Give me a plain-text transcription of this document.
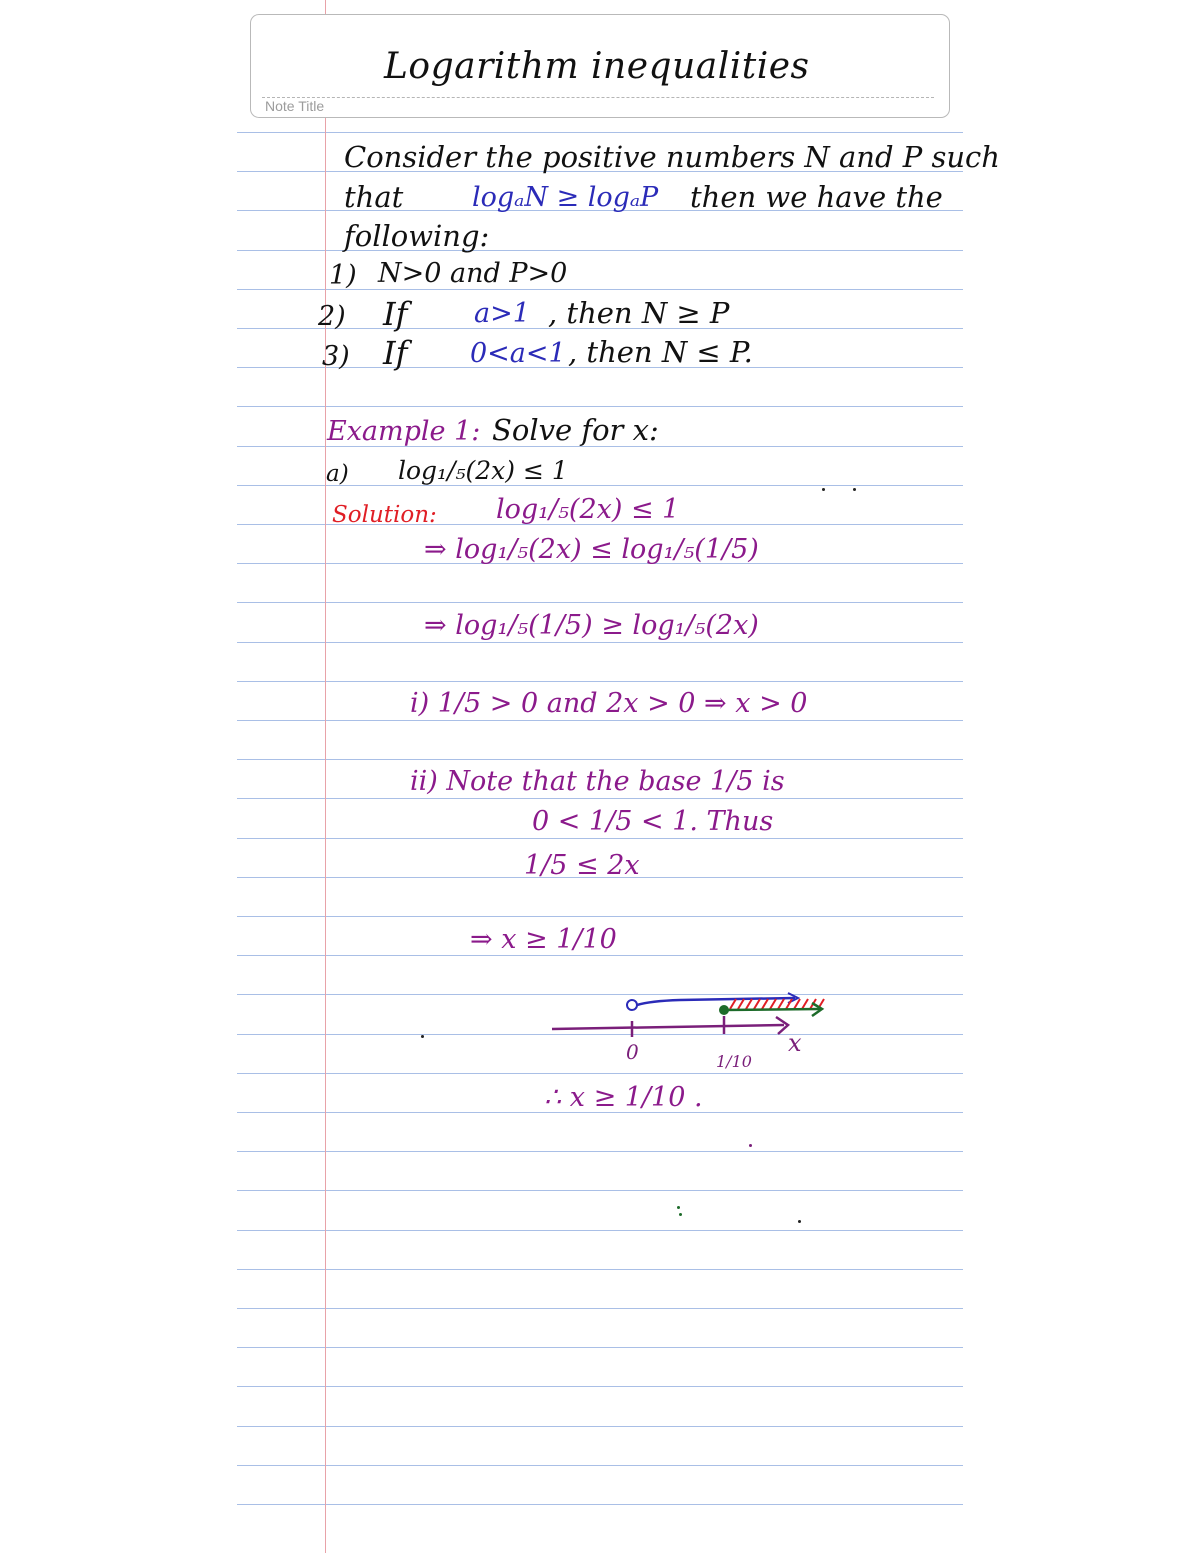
Note Title
Logarithm inequalities
Consider the positive numbers N and P such
that	logₐN ≥ logₐP then we have the
following:
1) N>0 and P>0
2) If a>1 , then N ≥ P
3) If 0<a<1 , then N ≤ P.
Example 1: Solve for x:
a) log₁/₅(2x) ≤ 1
Solution: log₁/₅(2x) ≤ 1
⇒ log₁/₅(2x) ≤ log₁/₅(1/5)
⇒ log₁/₅(1/5) ≥ log₁/₅(2x)
i) 1/5 > 0 and 2x > 0 ⇒ x > 0
ii) Note that the base 1/5 is
0 < 1/5 < 1. Thus
1/5 ≤ 2x
⇒ x ≥ 1/10
x
0	1/10
∴ x ≥ 1/10 .
